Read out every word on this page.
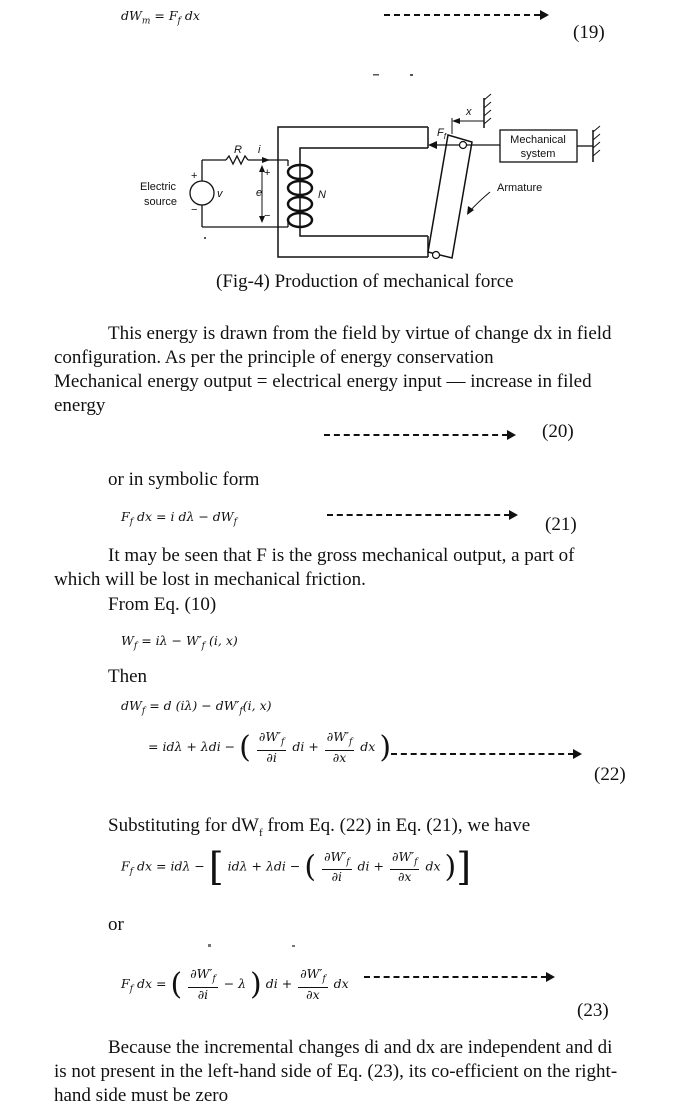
$dW_m = F_f$ dx
(19)
N
Armature
$F_f$	Mechanical
system
x
R i
e
+
−
v
+
−
Electric
source
(Fig-4) Production of mechanical force
This energy is drawn from the field by virtue of change dx in field
configuration. As per the principle of energy conservation
Mechanical energy output = electrical energy input — increase in filed
energy
(20)
or in symbolic form
$F_f$ dx = i $d\lambda - dW_f$	(21)
It may be seen that F is the gross mechanical output, a part of
which will be lost in mechanical friction.
From Eq. (10)
$W_f = i\lambda - W'_f$ (i, x)
Then
$dW_f = d$ $(i\lambda) - dW'_f(i$, x)
= idλ + λdi − ( $\frac{\partial W'_f}{\partial i}$ di + $\frac{\partial W'_f}{\partial x}$ dx )
(22)
Substituting for $dW_f$ from Eq. (22) in Eq. (21), we have
$F_f$ dx = idλ − [ idλ + λdi − ( $\frac{\partial W'_f}{\partial i}$ di + $\frac{\partial W'_f}{\partial x}$ dx )]
or
$F_f$ dx = ( $\frac{\partial W'_f}{\partial i} - \lambda$ ) di + $\frac{\partial W'_f}{\partial x}$ dx
(23)
Because the incremental changes di and dx are independent and di
is not present in the left-hand side of Eq. (23), its co-efficient on the right-
hand side must be zero
